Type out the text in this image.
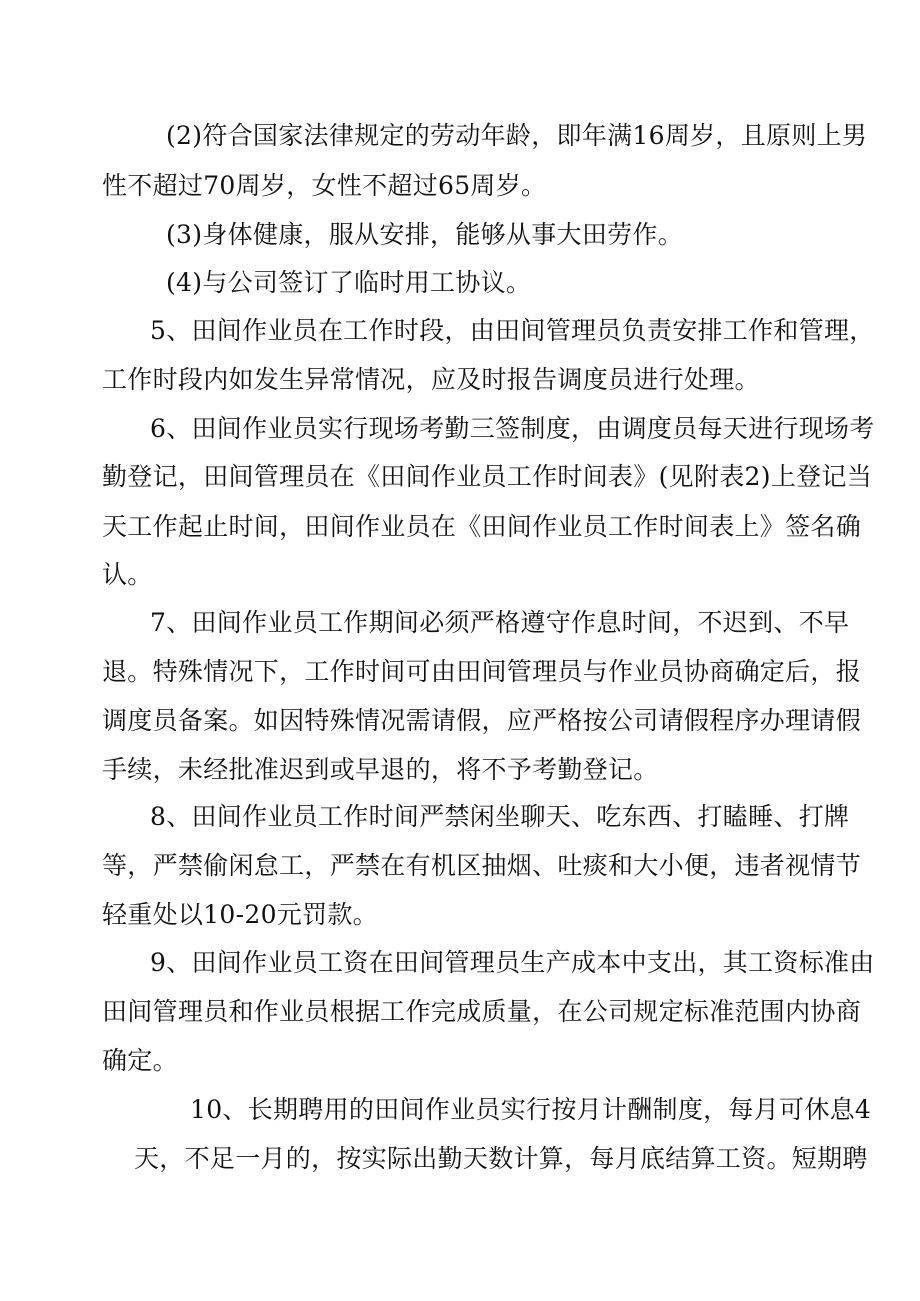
(2)符合国家法律规定的劳动年龄，即年满16周岁，且原则上男
性不超过70周岁，女性不超过65周岁。
(3)身体健康，服从安排，能够从事大田劳作。
(4)与公司签订了临时用工协议。
5、田间作业员在工作时段，由田间管理员负责安排工作和管理，
工作时段内如发生异常情况，应及时报告调度员进行处理。
6、田间作业员实行现场考勤三签制度，由调度员每天进行现场考
勤登记，田间管理员在《田间作业员工作时间表》(见附表2)上登记当
天工作起止时间，田间作业员在《田间作业员工作时间表上》签名确
认。
7、田间作业员工作期间必须严格遵守作息时间，不迟到、不早
退。特殊情况下，工作时间可由田间管理员与作业员协商确定后，报
调度员备案。如因特殊情况需请假，应严格按公司请假程序办理请假
手续，未经批准迟到或早退的，将不予考勤登记。
8、田间作业员工作时间严禁闲坐聊天、吃东西、打瞌睡、打牌
等，严禁偷闲怠工，严禁在有机区抽烟、吐痰和大小便，违者视情节
轻重处以10-20元罚款。
9、田间作业员工资在田间管理员生产成本中支出，其工资标准由
田间管理员和作业员根据工作完成质量，在公司规定标准范围内协商
确定。
10、长期聘用的田间作业员实行按月计酬制度，每月可休息4
天，不足一月的，按实际出勤天数计算，每月底结算工资。短期聘
